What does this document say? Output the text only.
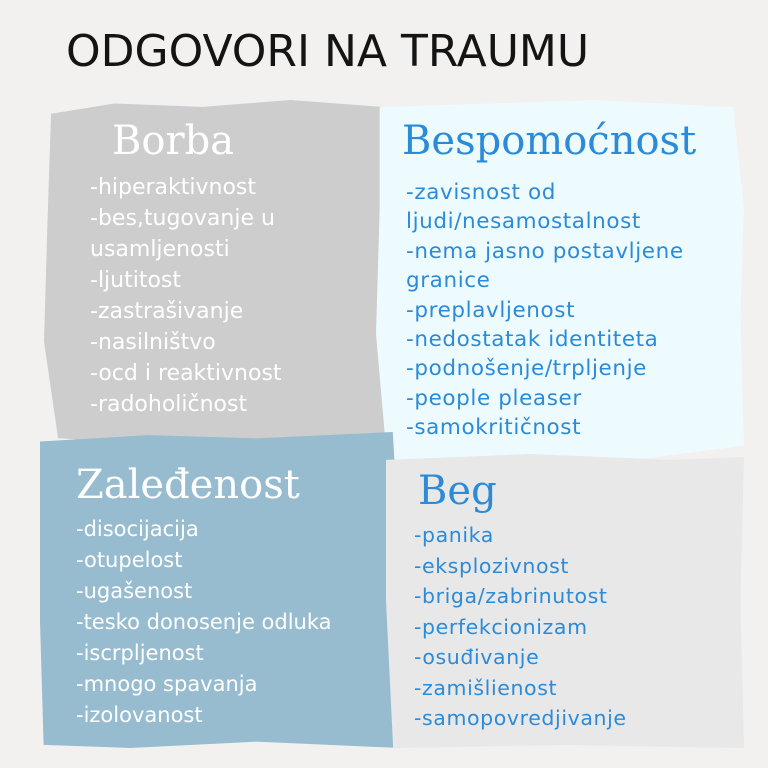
ODGOVORI NA TRAUMU
Borba
-hiperaktivnost
-bes,tugovanje u
usamljenosti
-ljutitost
-zastrašivanje
-nasilništvo
-ocd i reaktivnost
-radoholičnost
Bespomoćnost
-zavisnost od
ljudi/nesamostalnost
-nema jasno postavljene
granice
-preplavljenost
-nedostatak identiteta
-podnošenje/trpljenje
-people pleaser
-samokritičnost
Zaleđenost
-disocijacija
-otupelost
-ugašenost
-tesko donosenje odluka
-iscrpljenost
-mnogo spavanja
-izolovanost
Beg
-panika
-eksplozivnost
-briga/zabrinutost
-perfekcionizam
-osuđivanje
-zamišlienost
-samopovredjivanje
